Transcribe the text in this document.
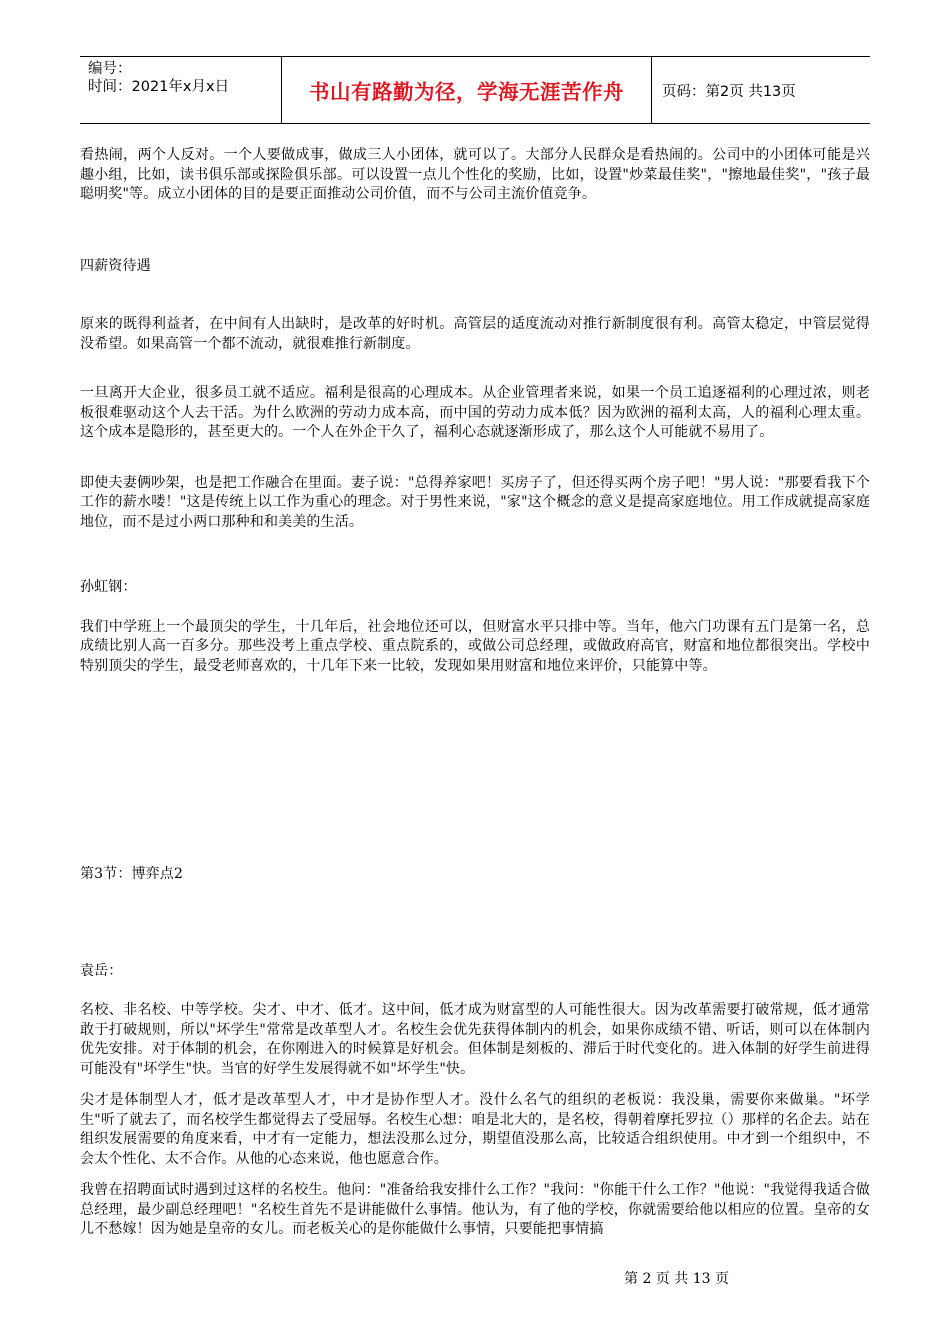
编号：
时间：2021年x月x日	书山有路勤为径，学海无涯苦作舟	页码：第2页 共13页

看热闹，两个人反对。一个人要做成事，做成三人小团体，就可以了。大部分人民群众是看热闹的。公司中的小团体可能是兴趣小组，比如，读书俱乐部或探险俱乐部。可以设置一点儿个性化的奖励，比如，设置"炒菜最佳奖"，"擦地最佳奖"，"孩子最聪明奖"等。成立小团体的目的是要正面推动公司价值，而不与公司主流价值竞争。

四薪资待遇

原来的既得利益者，在中间有人出缺时，是改革的好时机。高管层的适度流动对推行新制度很有利。高管太稳定，中管层觉得没希望。如果高管一个都不流动，就很难推行新制度。

一旦离开大企业，很多员工就不适应。福利是很高的心理成本。从企业管理者来说，如果一个员工追逐福利的心理过浓，则老板很难驱动这个人去干活。为什么欧洲的劳动力成本高，而中国的劳动力成本低？因为欧洲的福利太高，人的福利心理太重。这个成本是隐形的，甚至更大的。一个人在外企干久了，福利心态就逐渐形成了，那么这个人可能就不易用了。

即使夫妻俩吵架，也是把工作融合在里面。妻子说："总得养家吧！买房子了，但还得买两个房子吧！"男人说："那要看我下个工作的薪水喽！"这是传统上以工作为重心的理念。对于男性来说，"家"这个概念的意义是提高家庭地位。用工作成就提高家庭地位，而不是过小两口那种和和美美的生活。

孙虹钢：

我们中学班上一个最顶尖的学生，十几年后，社会地位还可以，但财富水平只排中等。当年，他六门功课有五门是第一名，总成绩比别人高一百多分。那些没考上重点学校、重点院系的，或做公司总经理，或做政府高官，财富和地位都很突出。学校中特别顶尖的学生，最受老师喜欢的，十几年下来一比较，发现如果用财富和地位来评价，只能算中等。

第3节：博弈点2

袁岳：

名校、非名校、中等学校。尖才、中才、低才。这中间，低才成为财富型的人可能性很大。因为改革需要打破常规，低才通常敢于打破规则，所以"坏学生"常常是改革型人才。名校生会优先获得体制内的机会，如果你成绩不错、听话，则可以在体制内优先安排。对于体制的机会，在你刚进入的时候算是好机会。但体制是刻板的、滞后于时代变化的。进入体制的好学生前进得可能没有"坏学生"快。当官的好学生发展得就不如"坏学生"快。

尖才是体制型人才，低才是改革型人才，中才是协作型人才。没什么名气的组织的老板说：我没巢，需要你来做巢。"坏学生"听了就去了，而名校学生都觉得去了受屈辱。名校生心想：咱是北大的，是名校，得朝着摩托罗拉（）那样的名企去。站在组织发展需要的角度来看，中才有一定能力，想法没那么过分，期望值没那么高，比较适合组织使用。中才到一个组织中，不会太个性化、太不合作。从他的心态来说，他也愿意合作。

我曾在招聘面试时遇到过这样的名校生。他问："准备给我安排什么工作？"我问："你能干什么工作？"他说："我觉得我适合做总经理，最少副总经理吧！"名校生首先不是讲能做什么事情。他认为，有了他的学校，你就需要给他以相应的位置。皇帝的女儿不愁嫁！因为她是皇帝的女儿。而老板关心的是你能做什么事情，只要能把事情搞

第 2 页 共 13 页
